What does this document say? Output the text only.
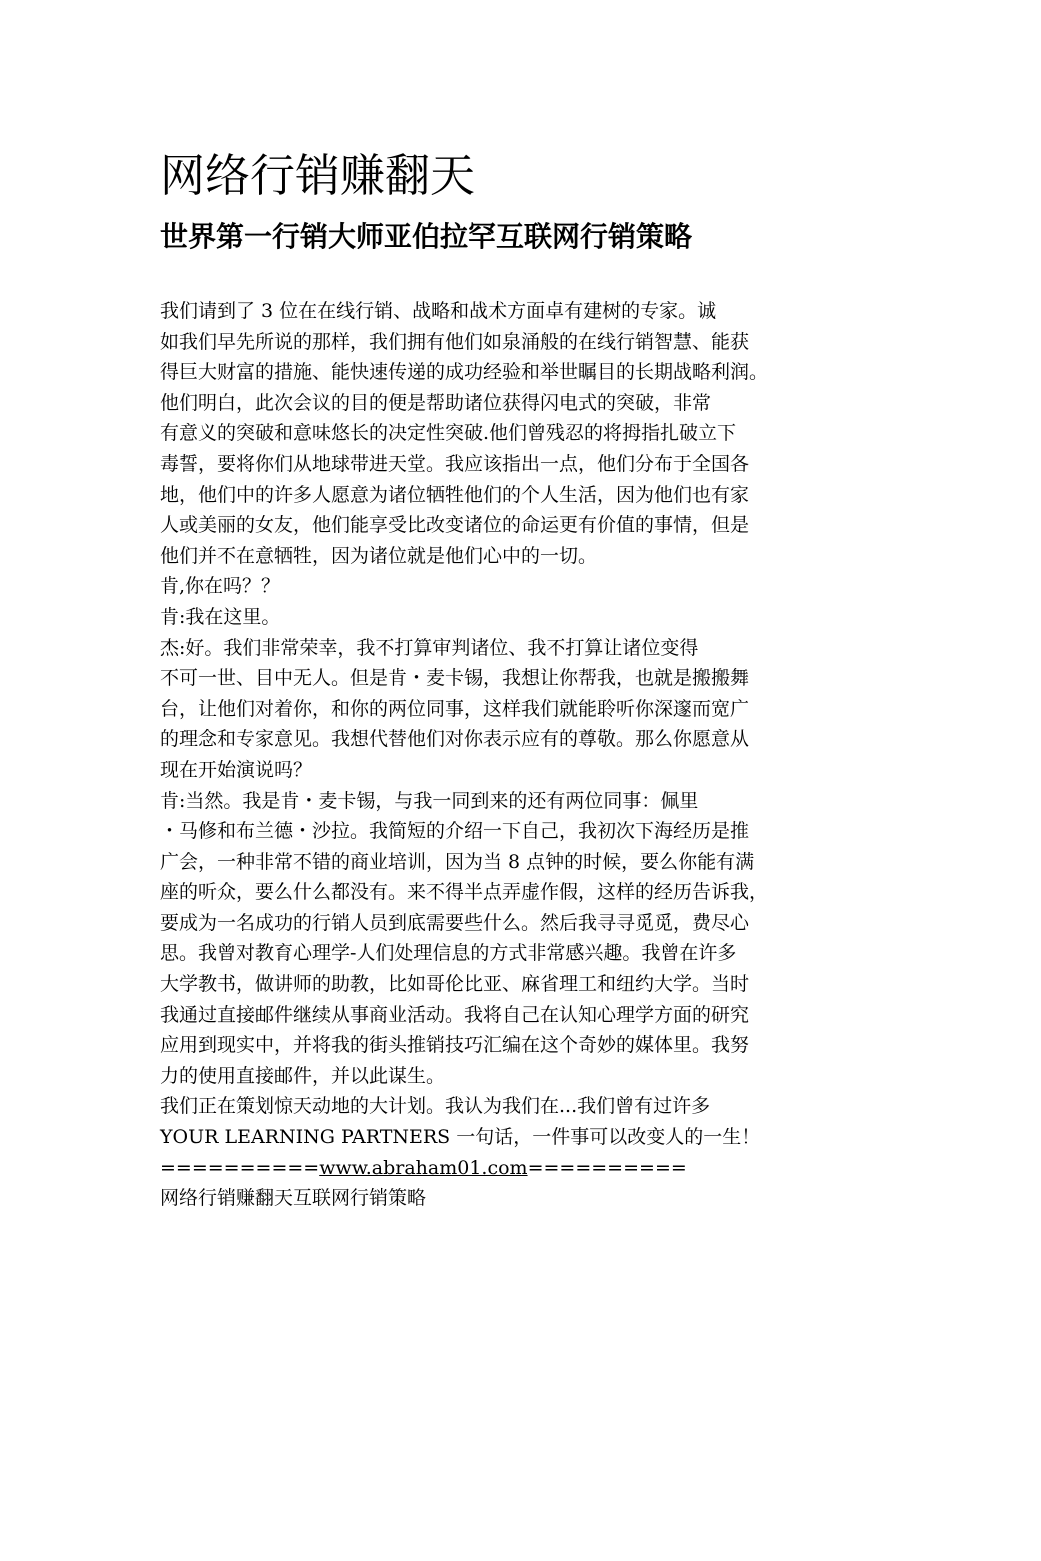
网络行销赚翻天
世界第一行销大师亚伯拉罕互联网行销策略
我们请到了 3 位在在线行销、战略和战术方面卓有建树的专家。诚
如我们早先所说的那样，我们拥有他们如泉涌般的在线行销智慧、能获
得巨大财富的措施、能快速传递的成功经验和举世瞩目的长期战略利润。
他们明白，此次会议的目的便是帮助诸位获得闪电式的突破，非常
有意义的突破和意味悠长的决定性突破.他们曾残忍的将拇指扎破立下
毒誓，要将你们从地球带进天堂。我应该指出一点，他们分布于全国各
地，他们中的许多人愿意为诸位牺牲他们的个人生活，因为他们也有家
人或美丽的女友，他们能享受比改变诸位的命运更有价值的事情，但是
他们并不在意牺牲，因为诸位就是他们心中的一切。
肯,你在吗？？
肯:我在这里。
杰:好。我们非常荣幸，我不打算审判诸位、我不打算让诸位变得
不可一世、目中无人。但是肯・麦卡锡，我想让你帮我，也就是搬搬舞
台，让他们对着你，和你的两位同事，这样我们就能聆听你深邃而宽广
的理念和专家意见。我想代替他们对你表示应有的尊敬。那么你愿意从
现在开始演说吗？
肯:当然。我是肯・麦卡锡，与我一同到来的还有两位同事：佩里
・马修和布兰德・沙拉。我简短的介绍一下自己，我初次下海经历是推
广会，一种非常不错的商业培训，因为当 8 点钟的时候，要么你能有满
座的听众，要么什么都没有。来不得半点弄虚作假，这样的经历告诉我，
要成为一名成功的行销人员到底需要些什么。然后我寻寻觅觅，费尽心
思。我曾对教育心理学-人们处理信息的方式非常感兴趣。我曾在许多
大学教书，做讲师的助教，比如哥伦比亚、麻省理工和纽约大学。当时
我通过直接邮件继续从事商业活动。我将自己在认知心理学方面的研究
应用到现实中，并将我的街头推销技巧汇编在这个奇妙的媒体里。我努
力的使用直接邮件，并以此谋生。
我们正在策划惊天动地的大计划。我认为我们在...我们曾有过许多
YOUR LEARNING PARTNERS 一句话，一件事可以改变人的一生！
==========www.abraham01.com==========
网络行销赚翻天互联网行销策略
